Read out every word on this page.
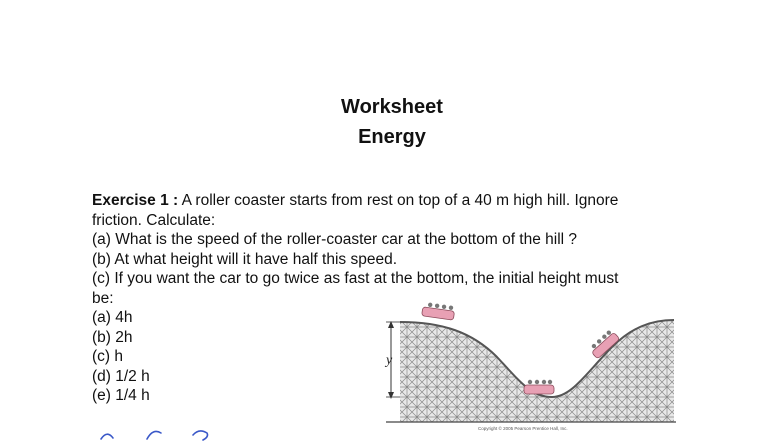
Worksheet
Energy
Exercise 1 : A roller coaster starts from rest on top of a 40 m high hill. Ignore
friction. Calculate:
(a) What is the speed of the roller-coaster car at the bottom of the hill ?
(b) At what height will it have half this speed.
(c) If you want the car to go twice as fast at the bottom, the initial height must
be:
(a) 4h
(b) 2h
(c) h
(d) 1/2 h
(e) 1/4 h
y
Copyright © 2005 Pearson Prentice Hall, Inc.
